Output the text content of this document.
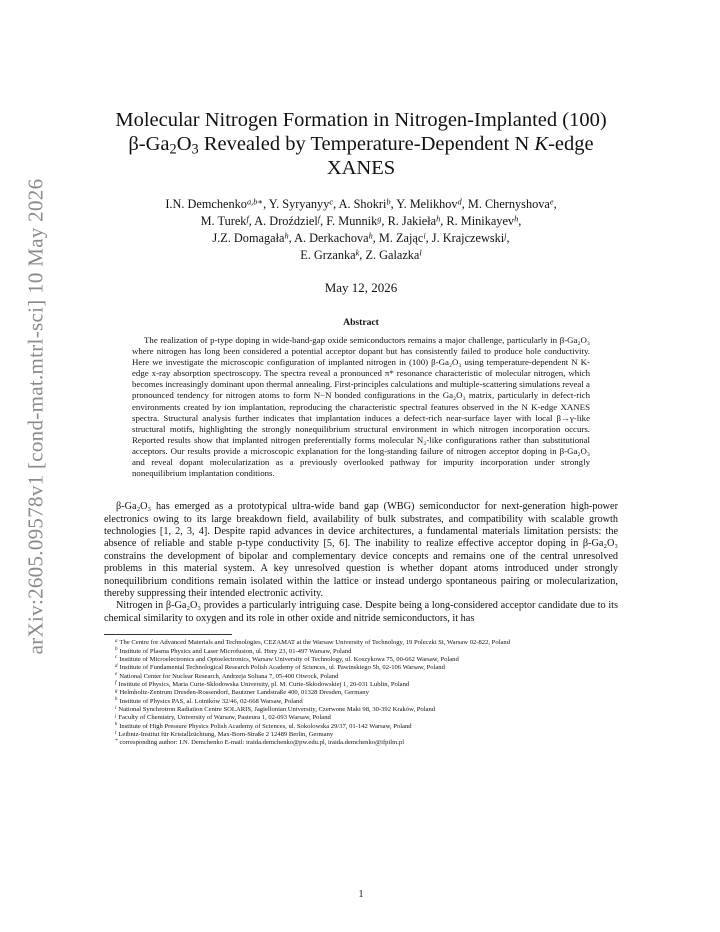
arXiv:2605.09578v1 [cond-mat.mtrl-sci] 10 May 2026
Molecular Nitrogen Formation in Nitrogen-Implanted (100)
$\beta-Ga_2O_3$ Revealed by Temperature-Dependent N K-edge
XANES
I.N. Demchenko$^{a,b∗}$, Y. Syryanyy$^c$, A. Shokri$^b$, Y. Melikhov$^d$, M. Chernyshova$^e$,
M. Turek$^f$, A. Droździel$^f$, F. Munnik$^g$, R. Jakieła$^h$, R. Minikayev$^h$,
J.Z. Domagała$^h$, A. Derkachova$^h$, M. Zając$^i$, J. Krajczewski$^j$,
E. Grzanka$^k$, Z. Galazka$^l$
May 12, 2026
Abstract
The realization of p-type doping in wide-band-gap oxide semiconductors remains a major challenge, particularly in β-Ga₂O₃ where nitrogen has long been considered a potential acceptor dopant but has consistently failed to produce hole conductivity. Here we investigate the microscopic configuration of implanted nitrogen in (100) β-Ga₂O₃ using temperature-dependent N K-edge x-ray absorption spectroscopy. The spectra reveal a pronounced π* resonance characteristic of molecular nitrogen, which becomes increasingly dominant upon thermal annealing. First-principles calculations and multiple-scattering simulations reveal a pronounced tendency for nitrogen atoms to form N−N bonded configurations in the Ga₂O₃ matrix, particularly in defect-rich environments created by ion implantation, reproducing the characteristic spectral features observed in the N K-edge XANES spectra. Structural analysis further indicates that implantation induces a defect-rich near-surface layer with local β→γ-like structural motifs, highlighting the strongly nonequilibrium structural environment in which nitrogen incorporation occurs. Reported results show that implanted nitrogen preferentially forms molecular N₂-like configurations rather than substitutional acceptors. Our results provide a microscopic explanation for the long-standing failure of nitrogen acceptor doping in β-Ga₂O₃ and reveal dopant molecularization as a previously overlooked pathway for impurity incorporation under strongly nonequilibrium implantation conditions.

β-Ga₂O₃ has emerged as a prototypical ultra-wide band gap (WBG) semiconductor for next-generation high-power electronics owing to its large breakdown field, availability of bulk substrates, and compatibility with scalable growth technologies [1, 2, 3, 4]. Despite rapid advances in device architectures, a fundamental materials limitation persists: the absence of reliable and stable p-type conductivity [5, 6]. The inability to realize effective acceptor doping in β-Ga₂O₃ constrains the development of bipolar and complementary device concepts and remains one of the central unresolved problems in this material system. A key unresolved question is whether dopant atoms introduced under strongly nonequilibrium conditions remain isolated within the lattice or instead undergo spontaneous pairing or molecularization, thereby suppressing their intended electronic activity.

Nitrogen in β-Ga₂O₃ provides a particularly intriguing case. Despite being a long-considered acceptor candidate due to its chemical similarity to oxygen and its role in other oxide and nitride semiconductors, it has

$^a$ The Centre for Advanced Materials and Technologies, CEZAMAT at the Warsaw University of Technology, 19 Poleczki St, Warsaw 02-822, Poland
$^b$ Institute of Plasma Physics and Laser Microfusion, ul. Hery 23, 01-497 Warsaw, Poland
$^c$ Institute of Microelectronics and Optoelectronics, Warsaw University of Technology, ul. Koszykowa 75, 00-662 Warsaw, Poland
$^d$ Institute of Fundamental Technological Research Polish Academy of Sciences, ul. Pawinskiego 5b, 02-106 Warsaw, Poland
$^e$ National Center for Nuclear Research, Andrzeja Soltana 7, 05-400 Otwock, Poland
$^f$ Institute of Physics, Maria Curie-Sklodowska University, pl. M. Curie-Skłodowskiej 1, 20-031 Lublin, Poland
$^g$ Helmholtz-Zentrum Dresden-Rossendorf, Bautzner Landstraße 400, 01328 Dresden, Germany
$^h$ Institute of Physics PAS, al. Lotników 32/46, 02-668 Warsaw, Poland
$^i$ National Synchrotron Radiation Centre SOLARIS, Jagiellonian University, Czerwone Maki 98, 30-392 Kraków, Poland
$^j$ Faculty of Chemistry, University of Warsaw, Pasteura 1, 02-093 Warsaw, Poland
$^k$ Institute of High Pressure Physics Polish Academy of Sciences, ul. Sokolowska 29/37, 01-142 Warsaw, Poland
$^l$ Leibniz-Institut für Kristallzüchtung, Max-Born-Straße 2 12489 Berlin, Germany
* corresponding author: I.N. Demchenko E-mail: iraida.demchenko@pw.edu.pl, iraida.demchenko@ifpilm.pl
1
